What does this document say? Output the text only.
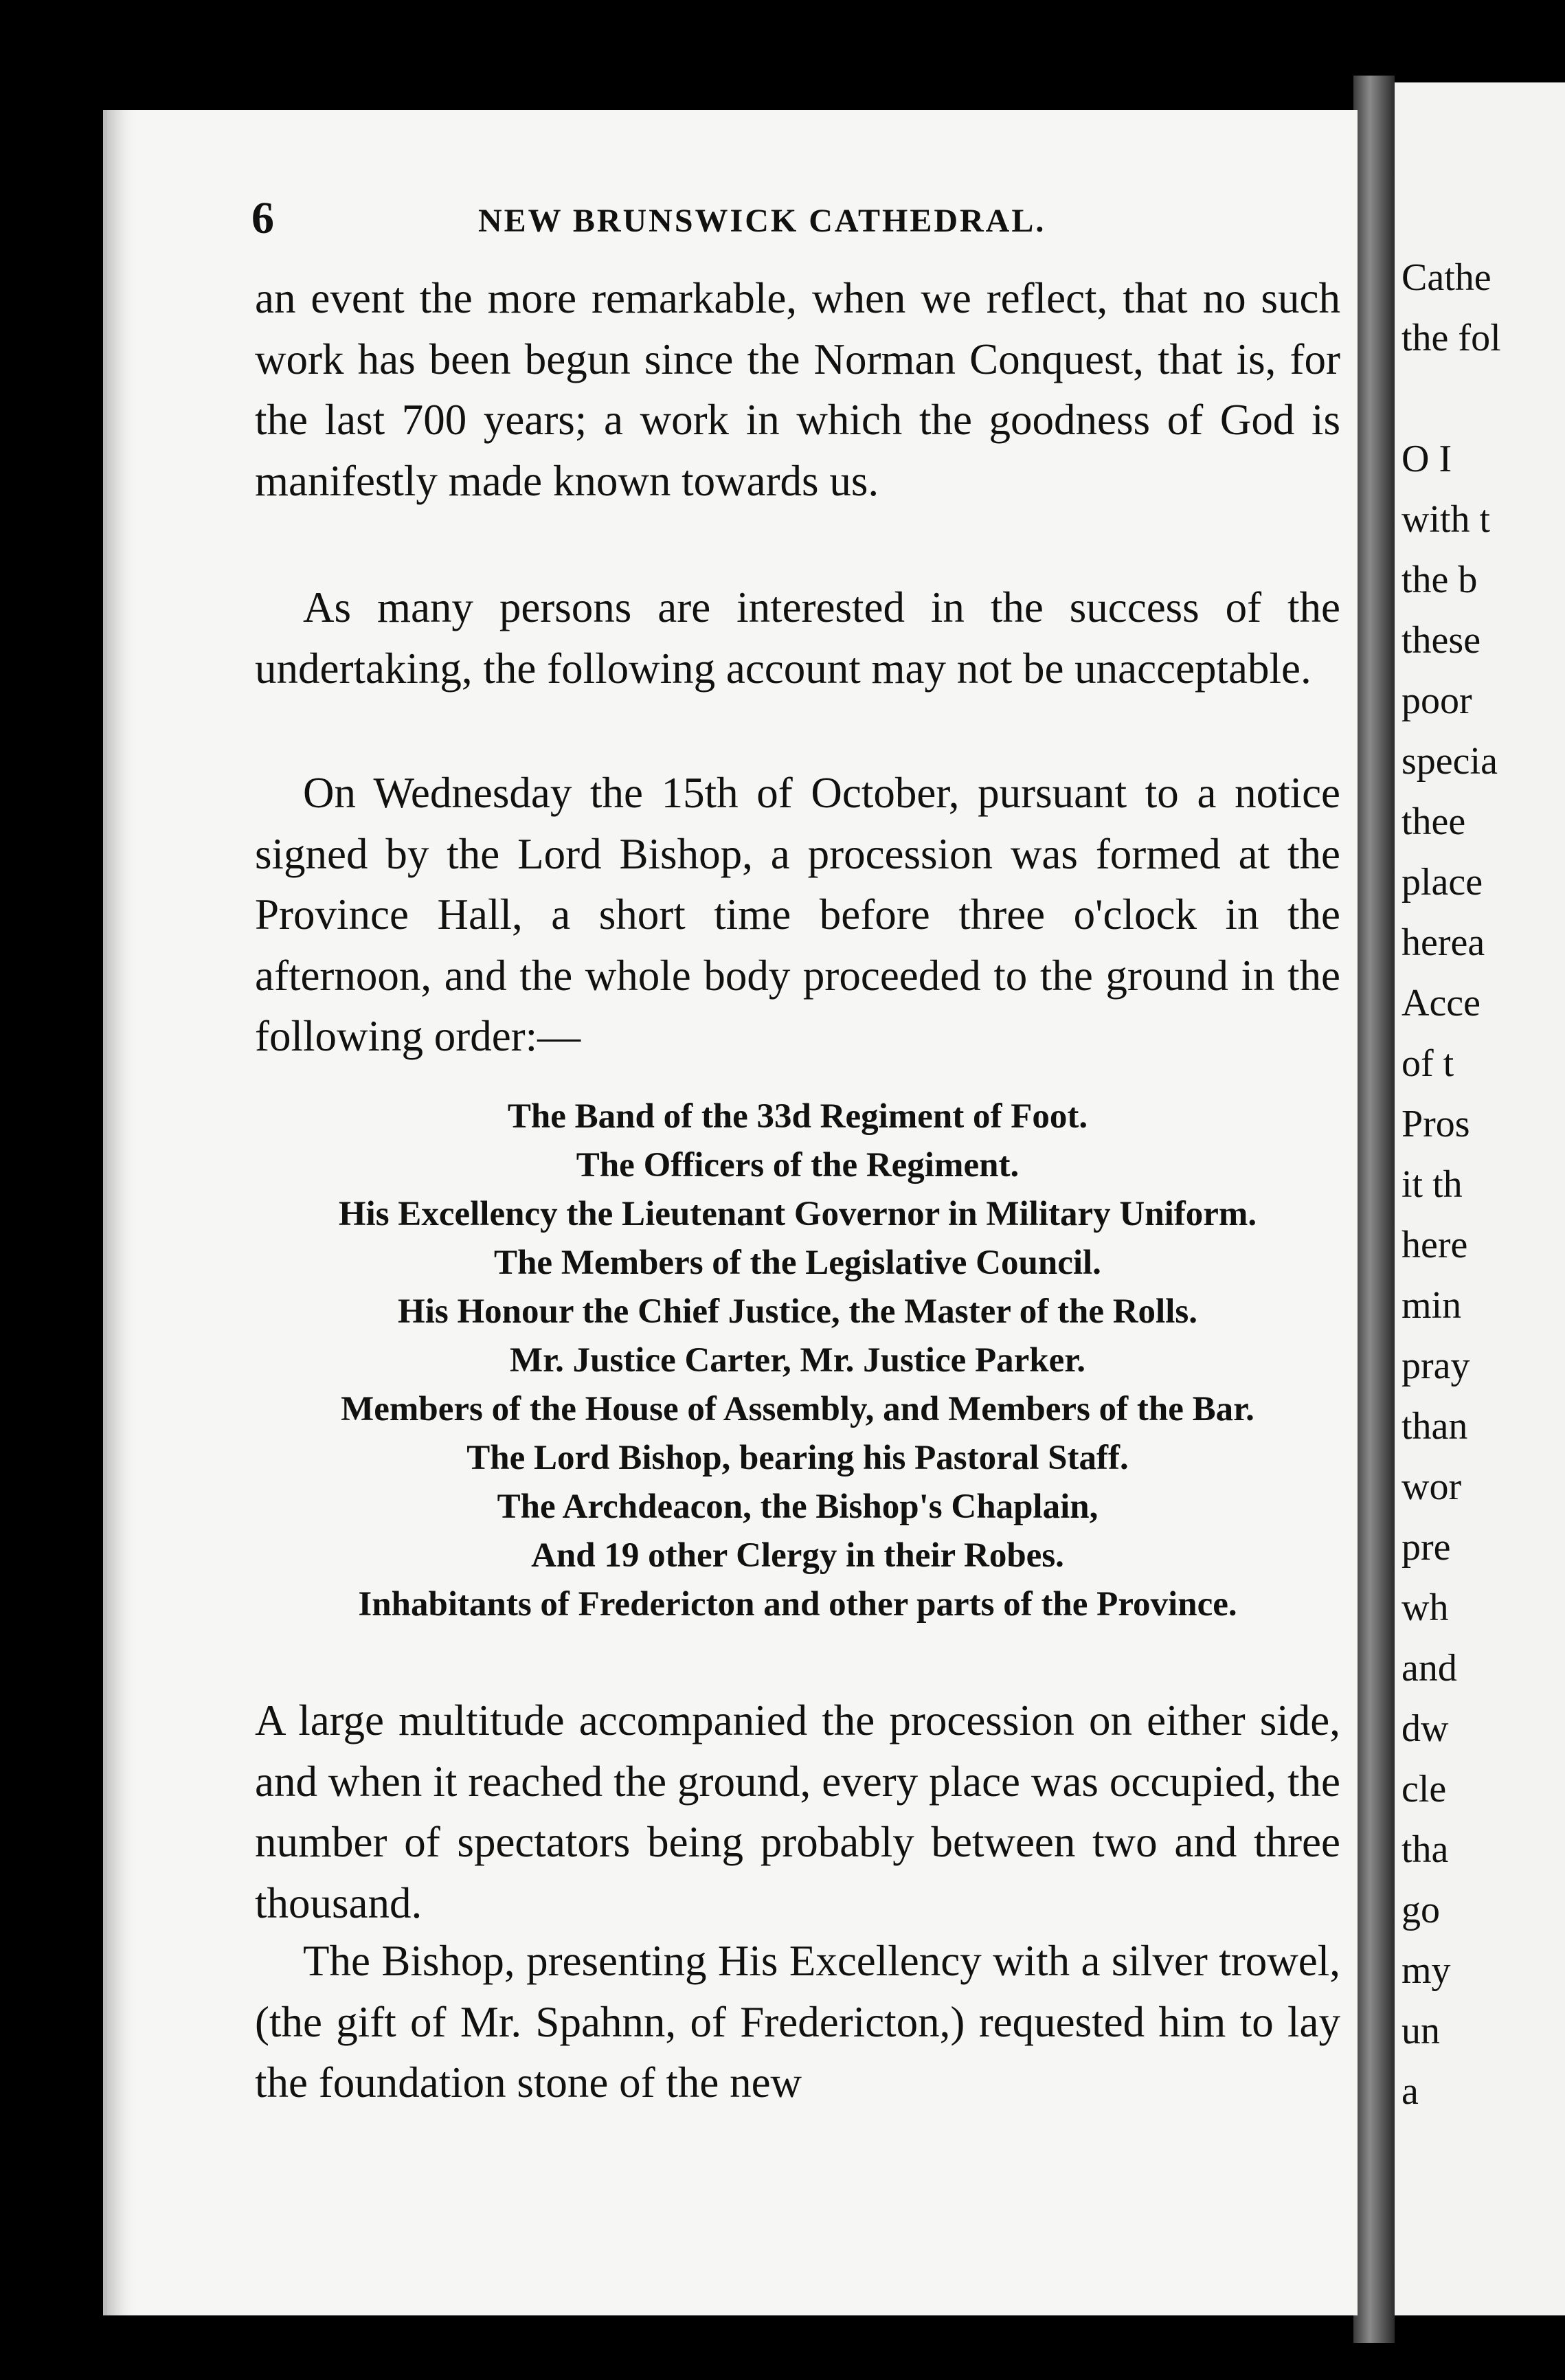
6	NEW BRUNSWICK CATHEDRAL.

an event the more remarkable, when we reflect, that no such work has been begun since the Norman Conquest, that is, for the last 700 years; a work in which the goodness of God is manifestly made known towards us.

As many persons are interested in the success of the undertaking, the following account may not be unacceptable.

On Wednesday the 15th of October, pursuant to a notice signed by the Lord Bishop, a procession was formed at the Province Hall, a short time before three o'clock in the afternoon, and the whole body proceeded to the ground in the following order:—

The Band of the 33d Regiment of Foot.
The Officers of the Regiment.
His Excellency the Lieutenant Governor in Military Uniform.
The Members of the Legislative Council.
His Honour the Chief Justice, the Master of the Rolls.
Mr. Justice Carter, Mr. Justice Parker.
Members of the House of Assembly, and Members of the Bar.
The Lord Bishop, bearing his Pastoral Staff.
The Archdeacon, the Bishop's Chaplain,
And 19 other Clergy in their Robes.
Inhabitants of Fredericton and other parts of the Province.

A large multitude accompanied the procession on either side, and when it reached the ground, every place was occupied, the number of spectators being probably between two and three thousand.

The Bishop, presenting His Excellency with a silver trowel, (the gift of Mr. Spahnn, of Fredericton,) requested him to lay the foundation stone of the new

Cathe
the fol
O I
with t
the b
these
poor
specia
thee
place
herea
Acce
of t
Pros
it th
here
min
pray
than
wor
pre
wh
and
dw
cle
tha
go
my
un
a
